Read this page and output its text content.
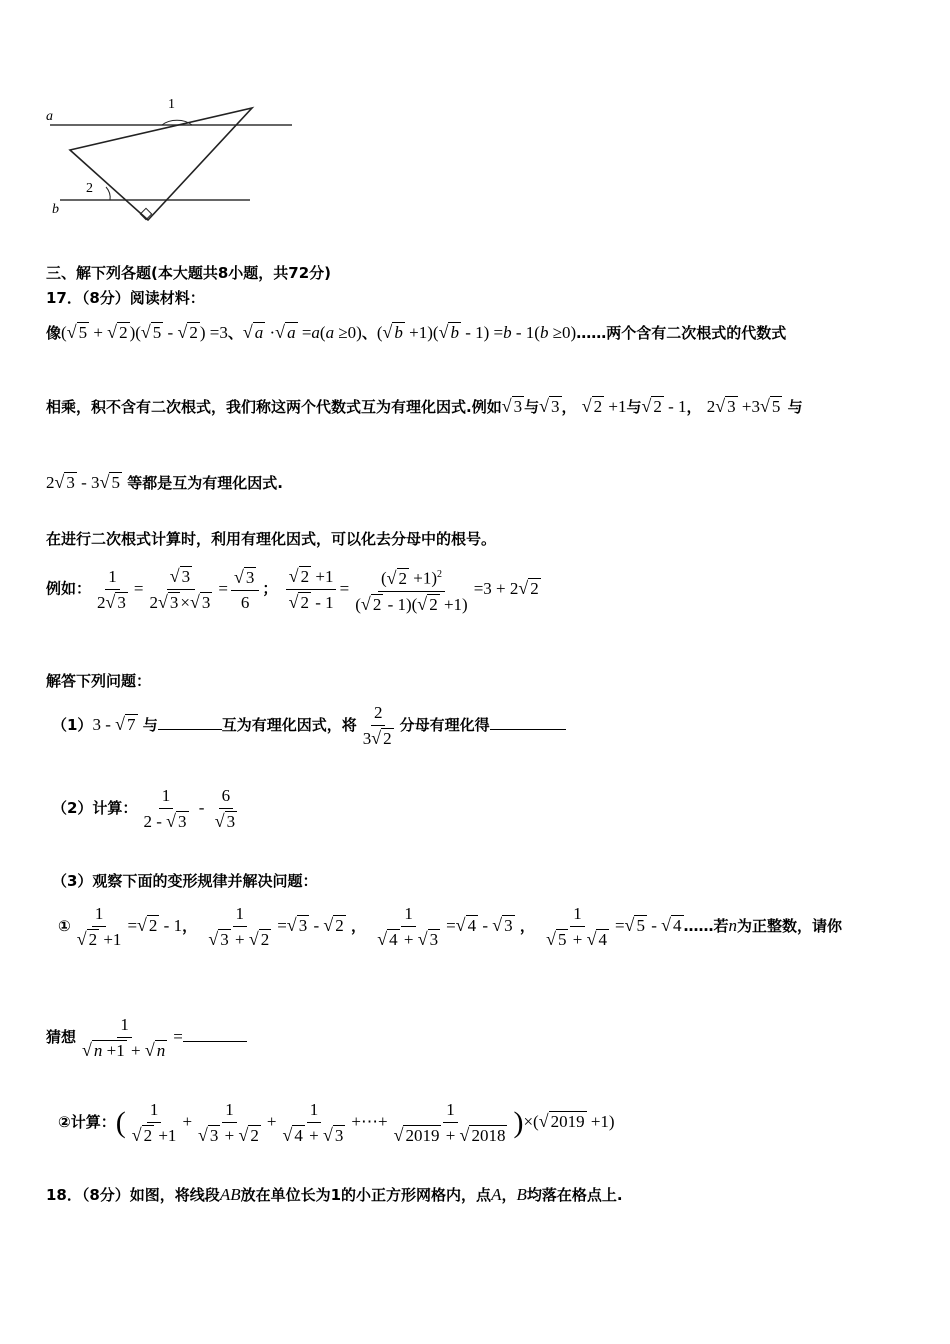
a
b
1
2
三、解下列各题(本大题共8小题，共72分)
17．（8分）阅读材料：
像(√ 5 + √ 2 )(√ 5 - √ 2 ) =3、√ a ·√ a =a(a ≥0)、(√ b +1)(√ b - 1) =b - 1(b ≥0)……两个含有二次根式的代数式
相乘，积不含有二次根式，我们称这两个代数式互为有理化因式.例如√ 3 与√ 3 ， √ 2 +1与√ 2 - 1， 2√ 3 +3√ 5 与
2√ 3 - 3√ 5 等都是互为有理化因式.
在进行二次根式计算时，利用有理化因式，可以化去分母中的根号。
例如： $\frac{1}{2√ 3} = \frac{√ 3}{2√ 3 \times√ 3} = \frac{√ 3}{6}$ ； $\frac{√ 2 +1}{√ 2 - 1} = \frac{(√ 2 +1)^2}{(√ 2 - 1)(√ 2 +1)} =3 + 2√$ 2
解答下列问题：
（1）3 - √ 7 与	互为有理化因式，将 $\frac{2}{3√ 2}$ 分母有理化得
（2）计算： $\frac{1}{2 - √ 3} - \frac{6}{√ 3}$
（3）观察下面的变形规律并解决问题：
① $\frac{1}{√ 2 +1}$ =√ 2 - 1， $\frac{1}{√ 3 + √ 2}$ =√ 3 - √ 2 ， $\frac{1}{√ 4 + √ 3}$ =√ 4 - √ 3 ， $\frac{1}{√ 5 + √ 4}$ =√ 5 - √ 4 ……若n为正整数，请你
猜想 $\frac{1}{√ n +1 + √ n}$ =
②计算：( $\frac{1}{√ 2 +1} + \frac{1}{√ 3 + √ 2} + \frac{1}{√ 4 + √ 3}$ +⋯+ $\frac{1}{√ 2019 + √ 2018}$ )×(√ 2019 +1)
18．（8分）如图，将线段AB放在单位长为1的小正方形网格内，点A，B均落在格点上.
